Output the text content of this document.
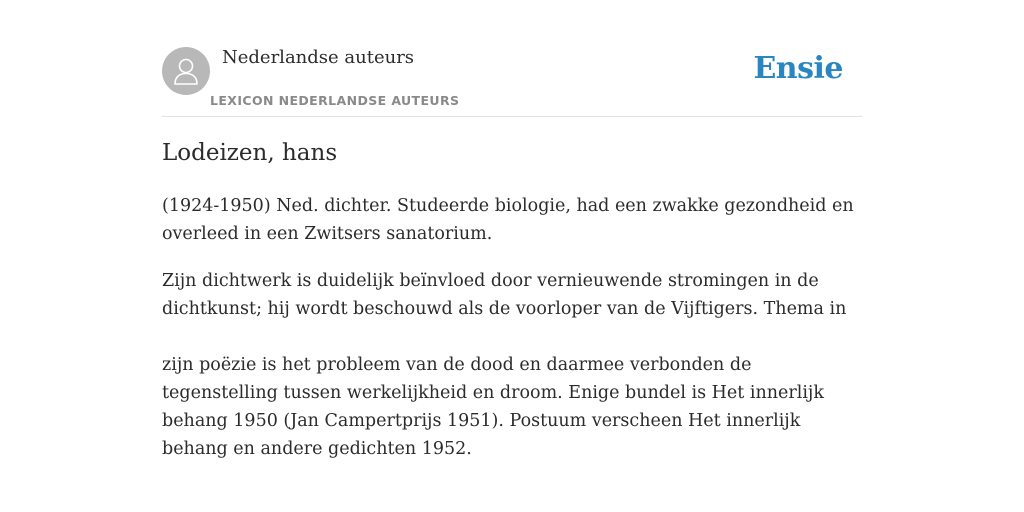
Nederlandse auteurs
LEXICON NEDERLANDSE AUTEURS
Ensie
Lodeizen, hans

(1924-1950) Ned. dichter. Studeerde biologie, had een zwakke gezondheid en overleed in een Zwitsers sanatorium.

Zijn dichtwerk is duidelijk beïnvloed door vernieuwende stromingen in de dichtkunst; hij wordt beschouwd als de voorloper van de Vijftigers. Thema in

zijn poëzie is het probleem van de dood en daarmee verbonden de tegenstelling tussen werkelijkheid en droom. Enige bundel is Het innerlijk behang 1950 (Jan Campertprijs 1951). Postuum verscheen Het innerlijk behang en andere gedichten 1952.
